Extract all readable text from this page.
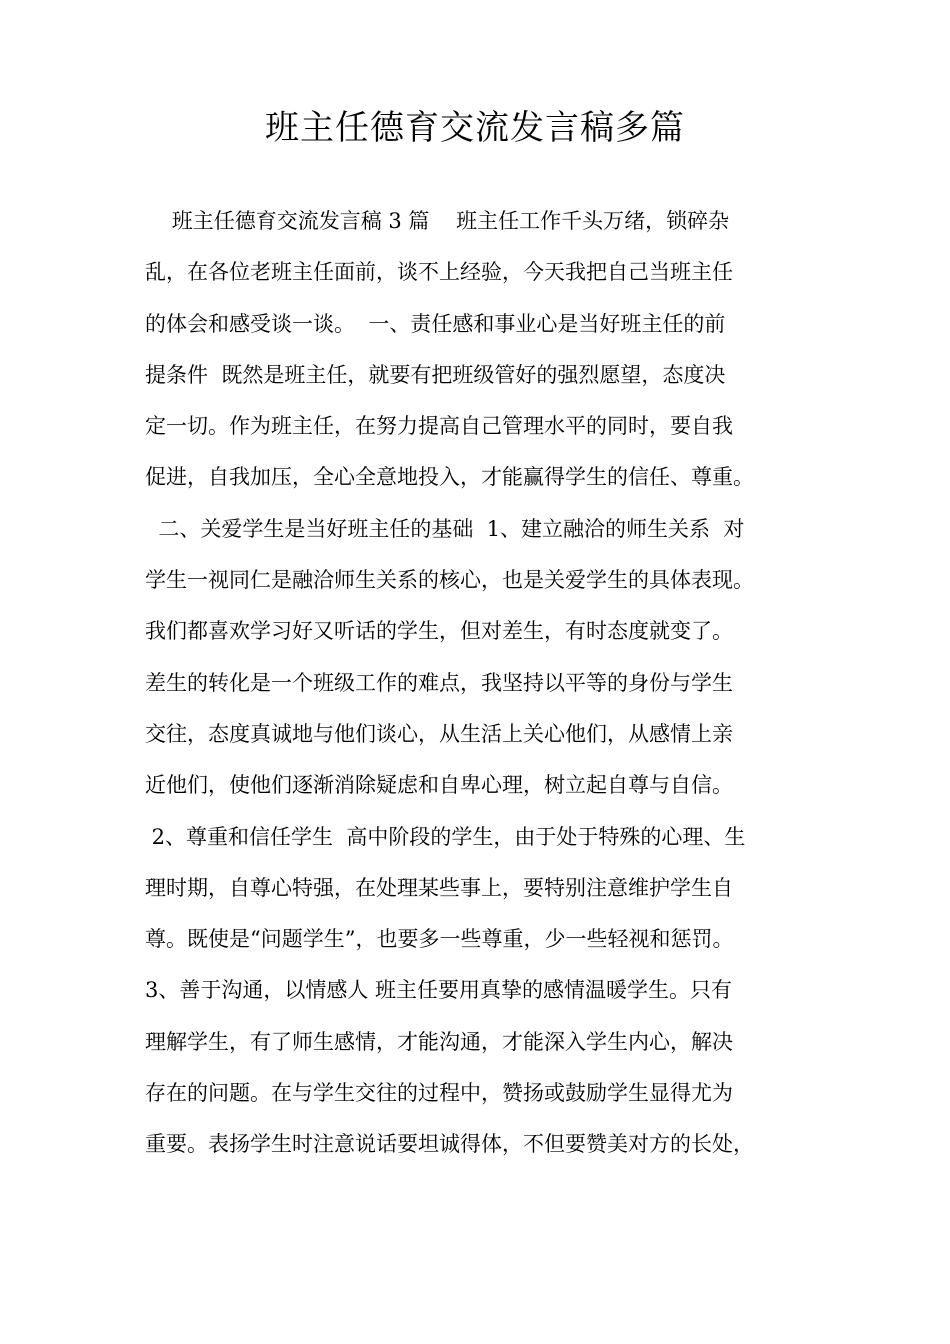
班主任德育交流发言稿多篇
班主任德育交流发言稿 3 篇    班主任工作千头万绪，锁碎杂
乱，在各位老班主任面前，谈不上经验，今天我把自己当班主任
的体会和感受谈一谈。  一、责任感和事业心是当好班主任的前
提条件  既然是班主任，就要有把班级管好的强烈愿望，态度决
定一切。作为班主任，在努力提高自己管理水平的同时，要自我
促进，自我加压，全心全意地投入，才能赢得学生的信任、尊重。
二、关爱学生是当好班主任的基础  1、建立融洽的师生关系  对
学生一视同仁是融洽师生关系的核心，也是关爱学生的具体表现。
我们都喜欢学习好又听话的学生，但对差生，有时态度就变了。
差生的转化是一个班级工作的难点，我坚持以平等的身份与学生
交往，态度真诚地与他们谈心，从生活上关心他们，从感情上亲
近他们，使他们逐渐消除疑虑和自卑心理，树立起自尊与自信。
2、尊重和信任学生  高中阶段的学生，由于处于特殊的心理、生
理时期，自尊心特强，在处理某些事上，要特别注意维护学生自
尊。既使是“问题学生”，也要多一些尊重，少一些轻视和惩罚。
3、善于沟通，以情感人 班主任要用真挚的感情温暖学生。只有
理解学生，有了师生感情，才能沟通，才能深入学生内心，解决
存在的问题。在与学生交往的过程中，赞扬或鼓励学生显得尤为
重要。表扬学生时注意说话要坦诚得体，不但要赞美对方的长处，
